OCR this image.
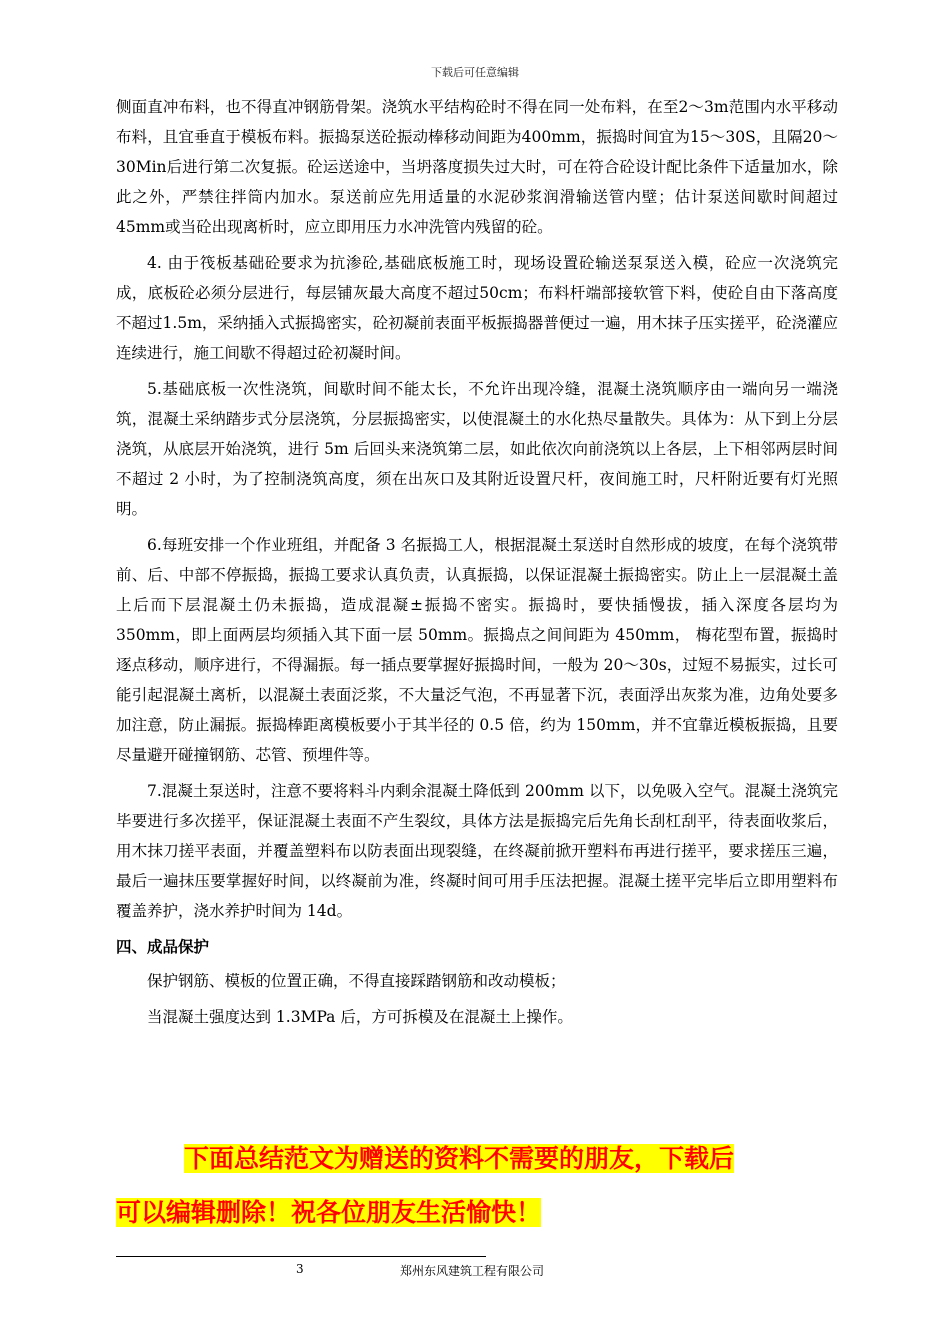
下载后可任意编辑

侧面直冲布料，也不得直冲钢筋骨架。浇筑水平结构砼时不得在同一处布料，在至2～3m范围内水平移动布料，且宜垂直于模板布料。振捣泵送砼振动棒移动间距为400mm，振捣时间宜为15～30S，且隔20～30Min后进行第二次复振。砼运送途中，当坍落度损失过大时，可在符合砼设计配比条件下适量加水，除此之外，严禁往拌筒内加水。泵送前应先用适量的水泥砂浆润滑输送管内壁；估计泵送间歇时间超过45mm或当砼出现离析时，应立即用压力水冲洗管内残留的砼。

4. 由于筏板基础砼要求为抗渗砼,基础底板施工时，现场设置砼输送泵泵送入模，砼应一次浇筑完成，底板砼必须分层进行，每层铺灰最大高度不超过50cm；布料杆端部接软管下料，使砼自由下落高度不超过1.5m，采纳插入式振捣密实，砼初凝前表面平板振捣器普便过一遍，用木抹子压实搓平，砼浇灌应连续进行，施工间歇不得超过砼初凝时间。

5.基础底板一次性浇筑，间歇时间不能太长，不允许出现冷缝，混凝土浇筑顺序由一端向另一端浇筑，混凝土采纳踏步式分层浇筑，分层振捣密实，以使混凝土的水化热尽量散失。具体为：从下到上分层浇筑，从底层开始浇筑，进行 5m 后回头来浇筑第二层，如此依次向前浇筑以上各层，上下相邻两层时间不超过 2 小时，为了控制浇筑高度，须在出灰口及其附近设置尺杆，夜间施工时，尺杆附近要有灯光照明。

6.每班安排一个作业班组，并配备 3 名振捣工人，根据混凝土泵送时自然形成的坡度，在每个浇筑带前、后、中部不停振捣，振捣工要求认真负责，认真振捣，以保证混凝土振捣密实。防止上一层混凝土盖上后而下层混凝土仍未振捣，造成混凝±振捣不密实。振捣时，要快插慢拔，插入深度各层均为 350mm，即上面两层均须插入其下面一层 50mm。振捣点之间间距为 450mm， 梅花型布置，振捣时逐点移动，顺序进行，不得漏振。每一插点要掌握好振捣时间，一般为 20～30s，过短不易振实，过长可能引起混凝土离析，以混凝土表面泛浆，不大量泛气泡，不再显著下沉，表面浮出灰浆为准，边角处要多加注意，防止漏振。振捣棒距离模板要小于其半径的 0.5 倍，约为 150mm，并不宜靠近模板振捣，且要尽量避开碰撞钢筋、芯管、预埋件等。

7.混凝土泵送时，注意不要将料斗内剩余混凝土降低到 200mm 以下，以免吸入空气。混凝土浇筑完毕要进行多次搓平，保证混凝土表面不产生裂纹，具体方法是振捣完后先角长刮杠刮平，待表面收浆后，用木抹刀搓平表面，并覆盖塑料布以防表面出现裂缝，在终凝前掀开塑料布再进行搓平，要求搓压三遍，最后一遍抹压要掌握好时间，以终凝前为准，终凝时间可用手压法把握。混凝土搓平完毕后立即用塑料布覆盖养护，浇水养护时间为 14d。

四、成品保护

保护钢筋、模板的位置正确，不得直接踩踏钢筋和改动模板；

当混凝土强度达到 1.3MPa 后，方可拆模及在混凝土上操作。

下面总结范文为赠送的资料不需要的朋友，下载后
可以编辑删除！祝各位朋友生活愉快！
3	郑州东风建筑工程有限公司
